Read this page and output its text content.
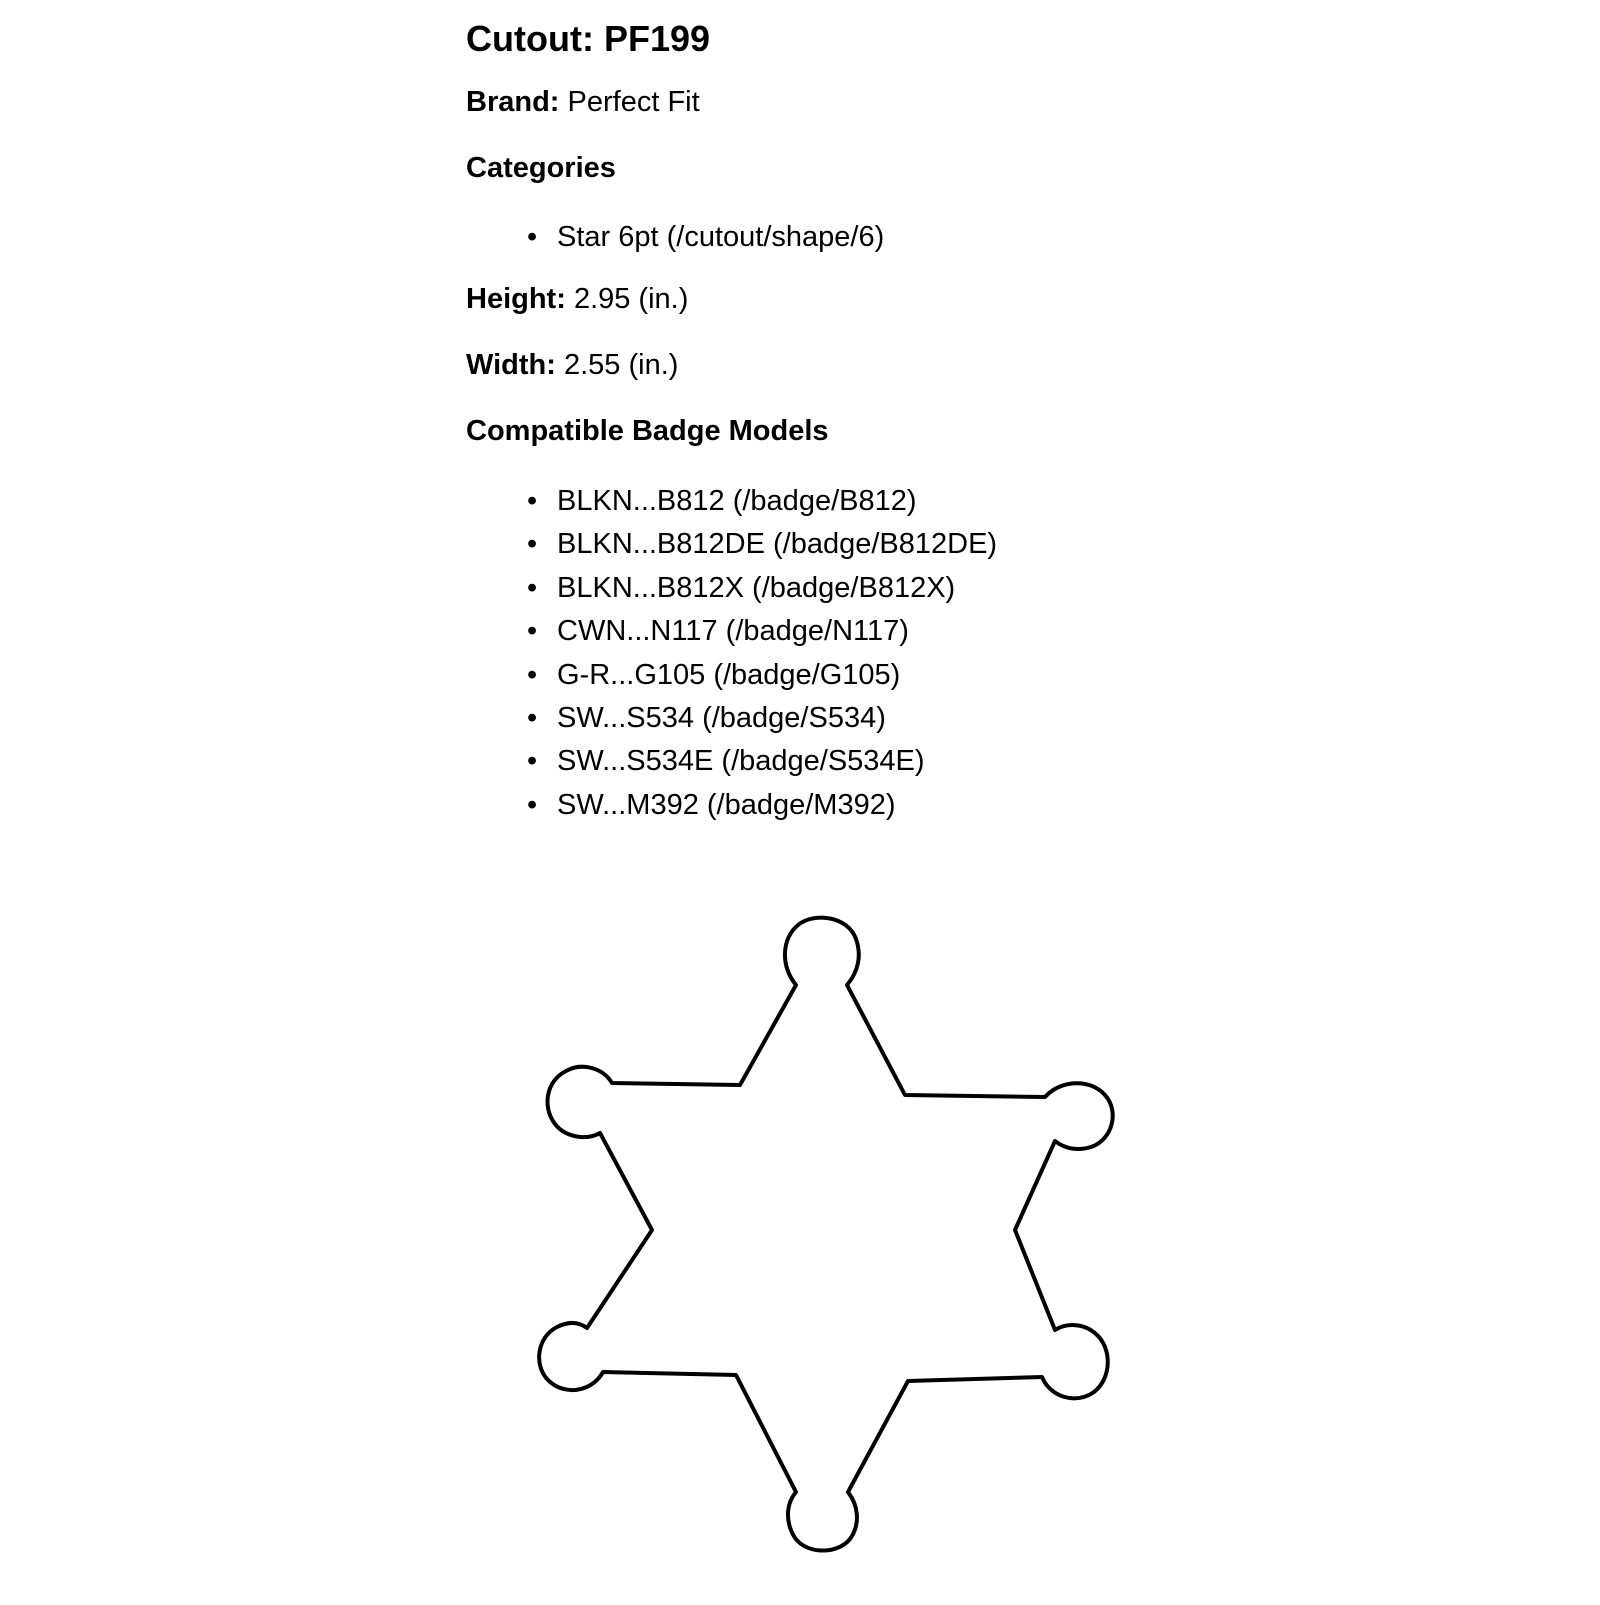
Cutout: PF199
Brand: Perfect Fit
Categories
• Star 6pt (/cutout/shape/6)
Height: 2.95 (in.)
Width: 2.55 (in.)
Compatible Badge Models
• BLKN...B812 (/badge/B812)
• BLKN...B812DE (/badge/B812DE)
• BLKN...B812X (/badge/B812X)
• CWN...N117 (/badge/N117)
• G-R...G105 (/badge/G105)
• SW...S534 (/badge/S534)
• SW...S534E (/badge/S534E)
• SW...M392 (/badge/M392)
